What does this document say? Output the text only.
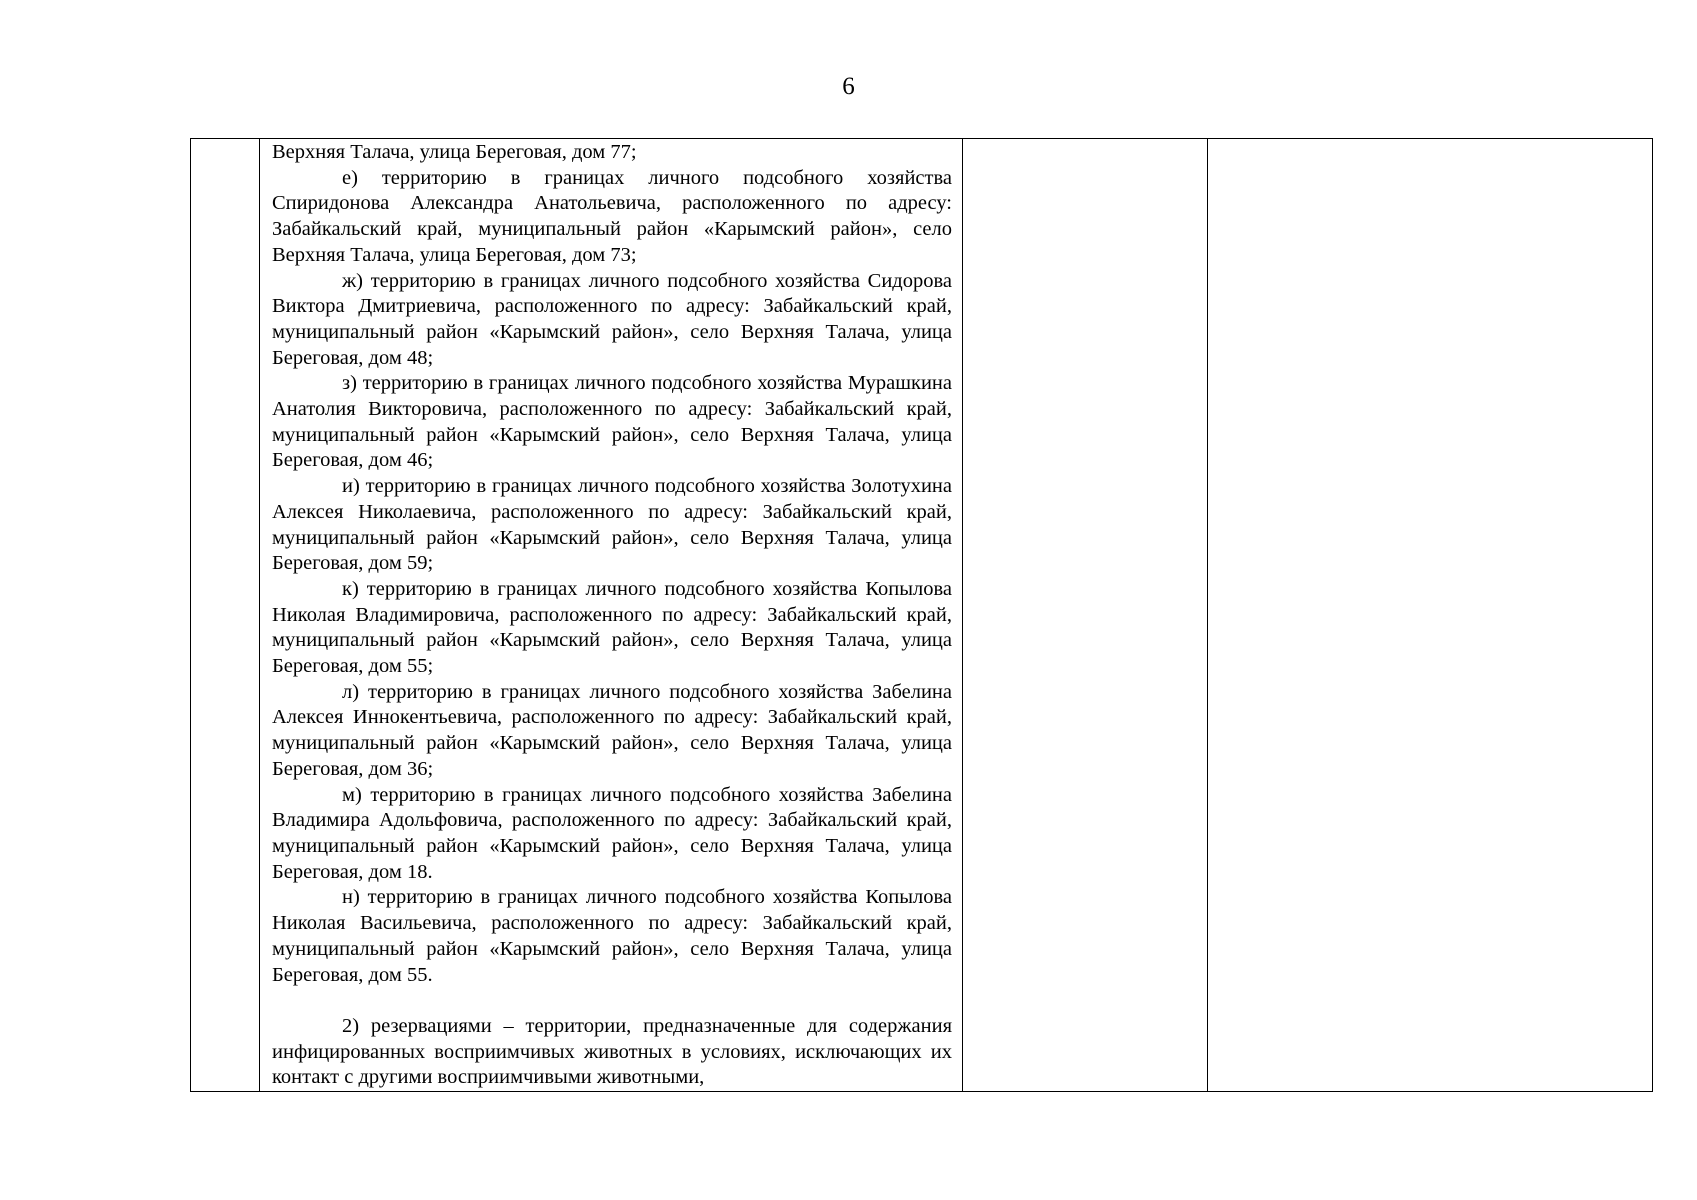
6

Верхняя Талача, улица Береговая, дом 77;

е) территорию в границах личного подсобного хозяйства Спиридонова Александра Анатольевича, расположенного по адресу: Забайкальский край, муниципальный район «Карымский район», село Верхняя Талача, улица Береговая, дом 73;

ж) территорию в границах личного подсобного хозяйства Сидорова Виктора Дмитриевича, расположенного по адресу: Забайкальский край, муниципальный район «Карымский район», село Верхняя Талача, улица Береговая, дом 48;

з) территорию в границах личного подсобного хозяйства Мурашкина Анатолия Викторовича, расположенного по адресу: Забайкальский край, муниципальный район «Карымский район», село Верхняя Талача, улица Береговая, дом 46;

и) территорию в границах личного подсобного хозяйства Золотухина Алексея Николаевича, расположенного по адресу: Забайкальский край, муниципальный район «Карымский район», село Верхняя Талача, улица Береговая, дом 59;

к) территорию в границах личного подсобного хозяйства Копылова Николая Владимировича, расположенного по адресу: Забайкальский край, муниципальный район «Карымский район», село Верхняя Талача, улица Береговая, дом 55;

л) территорию в границах личного подсобного хозяйства Забелина Алексея Иннокентьевича, расположенного по адресу: Забайкальский край, муниципальный район «Карымский район», село Верхняя Талача, улица Береговая, дом 36;

м) территорию в границах личного подсобного хозяйства Забелина Владимира Адольфовича, расположенного по адресу: Забайкальский край, муниципальный район «Карымский район», село Верхняя Талача, улица Береговая, дом 18.

н) территорию в границах личного подсобного хозяйства Копылова Николая Васильевича, расположенного по адресу: Забайкальский край, муниципальный район «Карымский район», село Верхняя Талача, улица Береговая, дом 55.

2) резервациями – территории, предназначенные для содержания инфицированных восприимчивых животных в условиях, исключающих их контакт с другими восприимчивыми животными,
